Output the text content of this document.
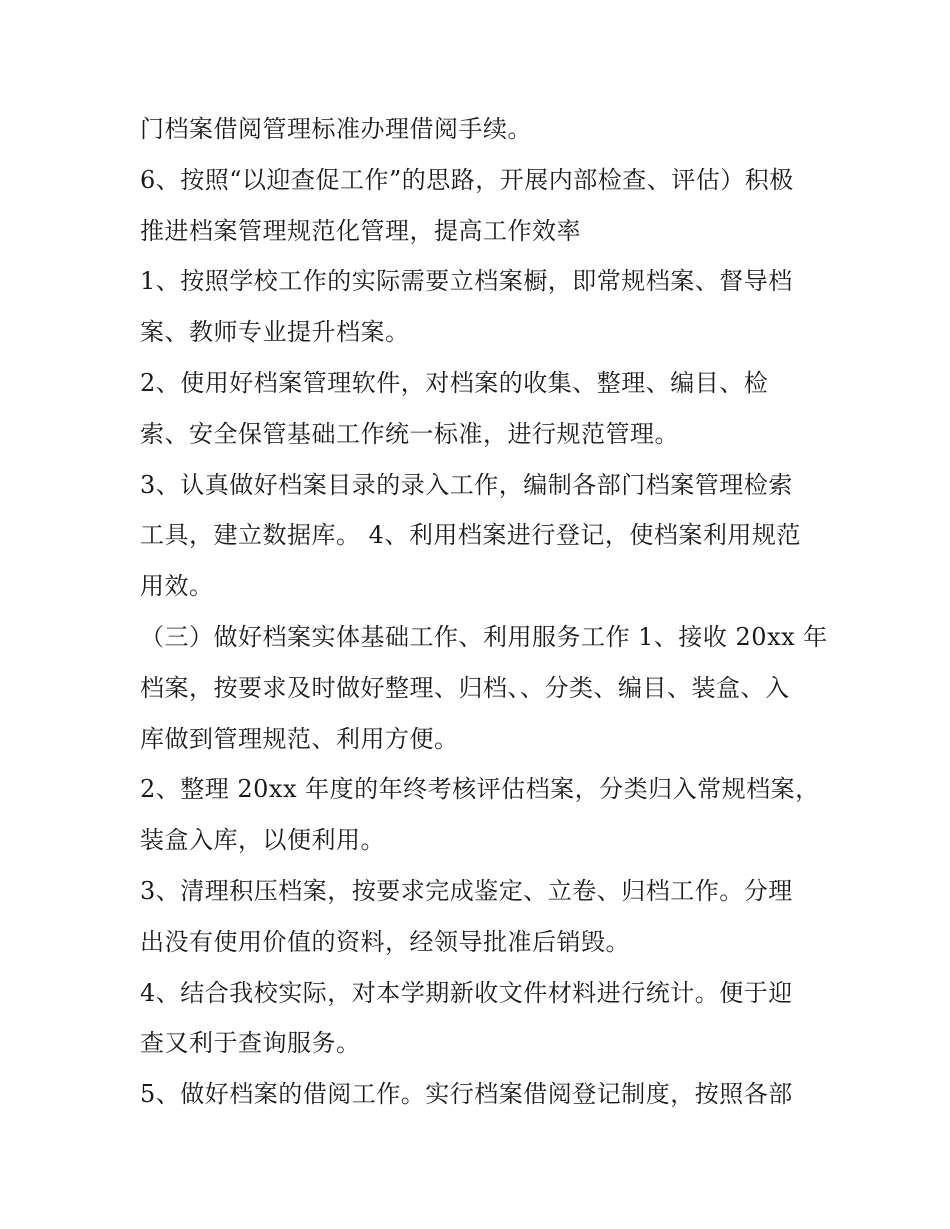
门档案借阅管理标准办理借阅手续。
6、按照“以迎查促工作”的思路，开展内部检查、评估）积极
推进档案管理规范化管理，提高工作效率
1、按照学校工作的实际需要立档案橱，即常规档案、督导档
案、教师专业提升档案。
2、使用好档案管理软件，对档案的收集、整理、编目、检
索、安全保管基础工作统一标准，进行规范管理。
3、认真做好档案目录的录入工作，编制各部门档案管理检索
工具，建立数据库。 4、利用档案进行登记，使档案利用规范
用效。
（三）做好档案实体基础工作、利用服务工作 1、接收 20xx 年
档案，按要求及时做好整理、归档、、分类、编目、装盒、入
库做到管理规范、利用方便。
2、整理 20xx 年度的年终考核评估档案，分类归入常规档案，
装盒入库，以便利用。
3、清理积压档案，按要求完成鉴定、立卷、归档工作。分理
出没有使用价值的资料，经领导批准后销毁。
4、结合我校实际，对本学期新收文件材料进行统计。便于迎
查又利于查询服务。
5、做好档案的借阅工作。实行档案借阅登记制度，按照各部
